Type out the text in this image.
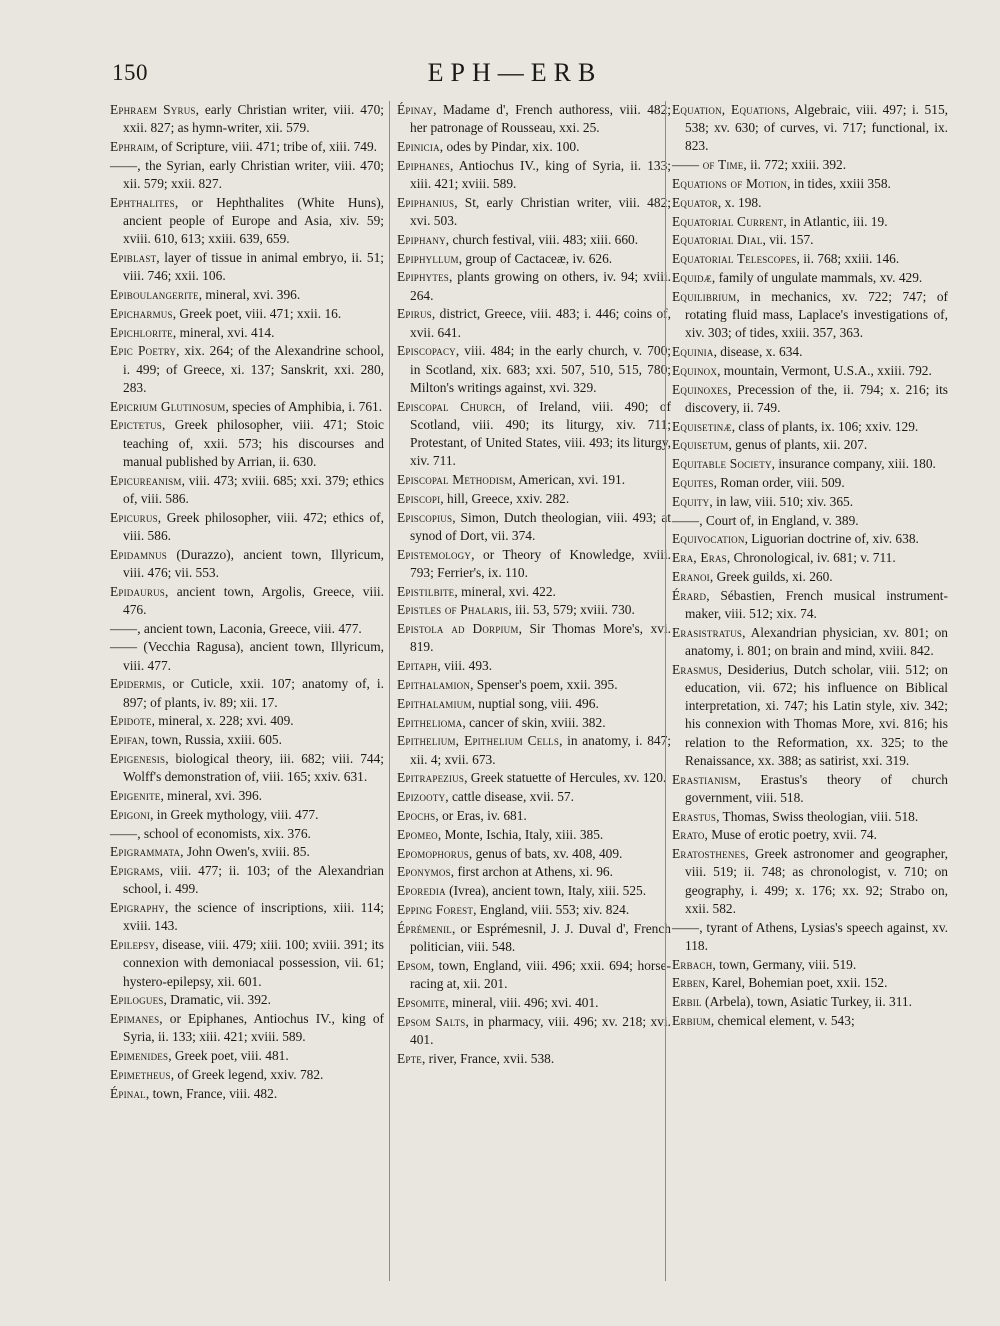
150	EPH—ERB

Ephraem Syrus, early Christian writer, viii. 470; xxii. 827; as hymn-writer, xii. 579.

Ephraim, of Scripture, viii. 471; tribe of, xiii. 749.

——, the Syrian, early Christian writer, viii. 470; xii. 579; xxii. 827.

Ephthalites, or Hephthalites (White Huns), ancient people of Europe and Asia, xiv. 59; xviii. 610, 613; xxiii. 639, 659.

Epiblast, layer of tissue in animal embryo, ii. 51; viii. 746; xxii. 106.

Epiboulangerite, mineral, xvi. 396.

Epicharmus, Greek poet, viii. 471; xxii. 16.

Epichlorite, mineral, xvi. 414.

Epic Poetry, xix. 264; of the Alexandrine school, i. 499; of Greece, xi. 137; Sanskrit, xxi. 280, 283.

Epicrium Glutinosum, species of Amphibia, i. 761.

Epictetus, Greek philosopher, viii. 471; Stoic teaching of, xxii. 573; his discourses and manual published by Arrian, ii. 630.

Epicureanism, viii. 473; xviii. 685; xxi. 379; ethics of, viii. 586.

Epicurus, Greek philosopher, viii. 472; ethics of, viii. 586.

Epidamnus (Durazzo), ancient town, Illyricum, viii. 476; vii. 553.

Epidaurus, ancient town, Argolis, Greece, viii. 476.

——, ancient town, Laconia, Greece, viii. 477.

—— (Vecchia Ragusa), ancient town, Illyricum, viii. 477.

Epidermis, or Cuticle, xxii. 107; anatomy of, i. 897; of plants, iv. 89; xii. 17.

Epidote, mineral, x. 228; xvi. 409.

Epifan, town, Russia, xxiii. 605.

Epigenesis, biological theory, iii. 682; viii. 744; Wolff's demonstration of, viii. 165; xxiv. 631.

Epigenite, mineral, xvi. 396.

Epigoni, in Greek mythology, viii. 477.

——, school of economists, xix. 376.

Epigrammata, John Owen's, xviii. 85.

Epigrams, viii. 477; ii. 103; of the Alexandrian school, i. 499.

Epigraphy, the science of inscriptions, xiii. 114; xviii. 143.

Epilepsy, disease, viii. 479; xiii. 100; xviii. 391; its connexion with demoniacal possession, vii. 61; hystero-epilepsy, xii. 601.

Epilogues, Dramatic, vii. 392.

Epimanes, or Epiphanes, Antiochus IV., king of Syria, ii. 133; xiii. 421; xviii. 589.

Epimenides, Greek poet, viii. 481.

Epimetheus, of Greek legend, xxiv. 782.

Épinal, town, France, viii. 482.

Épinay, Madame d', French authoress, viii. 482; her patronage of Rousseau, xxi. 25.

Epinicia, odes by Pindar, xix. 100.

Epiphanes, Antiochus IV., king of Syria, ii. 133; xiii. 421; xviii. 589.

Epiphanius, St, early Christian writer, viii. 482; xvi. 503.

Epiphany, church festival, viii. 483; xiii. 660.

Epiphyllum, group of Cactaceæ, iv. 626.

Epiphytes, plants growing on others, iv. 94; xviii. 264.

Epirus, district, Greece, viii. 483; i. 446; coins of, xvii. 641.

Episcopacy, viii. 484; in the early church, v. 700; in Scotland, xix. 683; xxi. 507, 510, 515, 780; Milton's writings against, xvi. 329.

Episcopal Church, of Ireland, viii. 490; of Scotland, viii. 490; its liturgy, xiv. 711; Protestant, of United States, viii. 493; its liturgy, xiv. 711.

Episcopal Methodism, American, xvi. 191.

Episcopi, hill, Greece, xxiv. 282.

Episcopius, Simon, Dutch theologian, viii. 493; at synod of Dort, vii. 374.

Epistemology, or Theory of Knowledge, xviii. 793; Ferrier's, ix. 110.

Epistilbite, mineral, xvi. 422.

Epistles of Phalaris, iii. 53, 579; xviii. 730.

Epistola ad Dorpium, Sir Thomas More's, xvi. 819.

Epitaph, viii. 493.

Epithalamion, Spenser's poem, xxii. 395.

Epithalamium, nuptial song, viii. 496.

Epithelioma, cancer of skin, xviii. 382.

Epithelium, Epithelium Cells, in anatomy, i. 847; xii. 4; xvii. 673.

Epitrapezius, Greek statuette of Hercules, xv. 120.

Epizooty, cattle disease, xvii. 57.

Epochs, or Eras, iv. 681.

Epomeo, Monte, Ischia, Italy, xiii. 385.

Epomophorus, genus of bats, xv. 408, 409.

Eponymos, first archon at Athens, xi. 96.

Eporedia (Ivrea), ancient town, Italy, xiii. 525.

Epping Forest, England, viii. 553; xiv. 824.

Éprémenil, or Esprémesnil, J. J. Duval d', French politician, viii. 548.

Epsom, town, England, viii. 496; xxii. 694; horse-racing at, xii. 201.

Epsomite, mineral, viii. 496; xvi. 401.

Epsom Salts, in pharmacy, viii. 496; xv. 218; xvi. 401.

Epte, river, France, xvii. 538.

Equation, Equations, Algebraic, viii. 497; i. 515, 538; xv. 630; of curves, vi. 717; functional, ix. 823.

—— of Time, ii. 772; xxiii. 392.

Equations of Motion, in tides, xxiii 358.

Equator, x. 198.

Equatorial Current, in Atlantic, iii. 19.

Equatorial Dial, vii. 157.

Equatorial Telescopes, ii. 768; xxiii. 146.

Equidæ, family of ungulate mammals, xv. 429.

Equilibrium, in mechanics, xv. 722; 747; of rotating fluid mass, Laplace's investigations of, xiv. 303; of tides, xxiii. 357, 363.

Equinia, disease, x. 634.

Equinox, mountain, Vermont, U.S.A., xxiii. 792.

Equinoxes, Precession of the, ii. 794; x. 216; its discovery, ii. 749.

Equisetinæ, class of plants, ix. 106; xxiv. 129.

Equisetum, genus of plants, xii. 207.

Equitable Society, insurance company, xiii. 180.

Equites, Roman order, viii. 509.

Equity, in law, viii. 510; xiv. 365.

——, Court of, in England, v. 389.

Equivocation, Liguorian doctrine of, xiv. 638.

Era, Eras, Chronological, iv. 681; v. 711.

Eranoi, Greek guilds, xi. 260.

Érard, Sébastien, French musical instrument-maker, viii. 512; xix. 74.

Erasistratus, Alexandrian physician, xv. 801; on anatomy, i. 801; on brain and mind, xviii. 842.

Erasmus, Desiderius, Dutch scholar, viii. 512; on education, vii. 672; his influence on Biblical interpretation, xi. 747; his Latin style, xiv. 342; his connexion with Thomas More, xvi. 816; his relation to the Reformation, xx. 325; to the Renaissance, xx. 388; as satirist, xxi. 319.

Erastianism, Erastus's theory of church government, viii. 518.

Erastus, Thomas, Swiss theologian, viii. 518.

Erato, Muse of erotic poetry, xvii. 74.

Eratosthenes, Greek astronomer and geographer, viii. 519; ii. 748; as chronologist, v. 710; on geography, i. 499; x. 176; xx. 92; Strabo on, xxii. 582.

——, tyrant of Athens, Lysias's speech against, xv. 118.

Erbach, town, Germany, viii. 519.

Erben, Karel, Bohemian poet, xxii. 152.

Erbil (Arbela), town, Asiatic Turkey, ii. 311.

Erbium, chemical element, v. 543;
